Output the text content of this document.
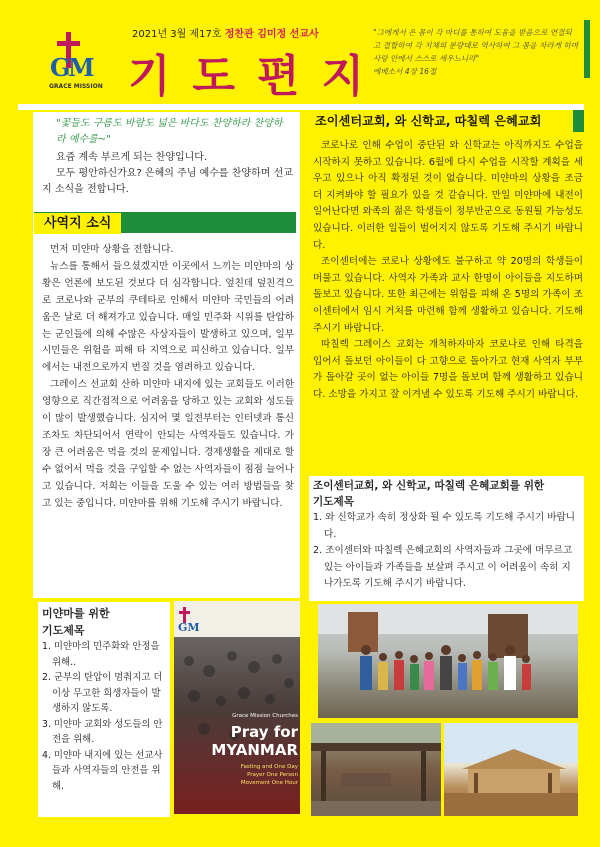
G
M
GRACE MISSION
2021년 3월 제17호 정찬관 김미정 선교사
기도편지
"그에게서 온 몸이 각 마디를 통하여 도움을 받음으로 연결되고 결합하여 각 지체의 분량대로 역사하여 그 몸을 자라게 하며 사랑 안에서 스스로 세우느니라"
에베소서 4장 16절
"꽃들도 구름도 바람도 넓은 바다도 찬양하라 찬양하라 예수를~"

요즘 계속 부르게 되는 찬양입니다.

모두 평안하신가요? 은혜의 주님 예수를 찬양하며 선교지 소식을 전합니다.

사역지 소식

먼저 미얀마 상황을 전합니다.

뉴스를 통해서 들으셨겠지만 이곳에서 느끼는 미얀마의 상황은 언론에 보도된 것보다 더 심각합니다. 엎친데 덮친격으로 코로나와 군부의 쿠테타로 인해서 미얀마 국민들의 어려움은 날로 더 해져가고 있습니다. 매일 민주화 시위를 탄압하는 군인들에 의해 수많은 사상자들이 발생하고 있으며, 일부 시민들은 위험을 피해 타 지역으로 피신하고 있습니다. 일부에서는 내전으로까지 번질 것을 염려하고 있습니다.

그레이스 선교회 산하 미얀마 내지에 있는 교회들도 이러한 영향으로 직간접적으로 어려움을 당하고 있는 교회와 성도들이 많이 발생했습니다. 심지어 몇 일전부터는 인터넷과 통신조차도 차단되어서 연락이 안되는 사역자들도 있습니다. 가장 큰 어려움은 먹을 것의 문제입니다. 경제생활을 제대로 할 수 없어서 먹을 것을 구입할 수 없는 사역자들이 점점 늘어나고 있습니다. 저희는 이들을 도울 수 있는 여러 방법들을 찾고 있는 중입니다. 미얀마를 위해 기도해 주시기 바랍니다.

미얀마를 위한
기도제목
1. 미얀마의 민주화와 안정을 위해..
2. 군부의 탄압이 멈춰지고 더 이상 무고한 희생자들이 발생하지 않도록.
3. 미얀마 교회와 성도들의 안전을 위해.
4. 미얀마 내지에 있는 선교사들과 사역자들의 안전을 위해.
GM
Grace Mission Churches
Pray for
MYANMAR
Fasting and One Day
Prayer One Person
Movement One Hour
조이센터교회, 와 신학교, 따칠렉 은혜교회

코로나로 인해 수업이 중단된 와 신학교는 아직까지도 수업을 시작하지 못하고 있습니다. 6월에 다시 수업을 시작할 계획을 세우고 있으나 아직 확정된 것이 없습니다. 미얀마의 상황을 조금 더 지켜봐야 할 필요가 있을 것 같습니다. 만일 미얀마에 내전이 일어난다면 와족의 젊은 학생들이 정부반군으로 동원될 가능성도 있습니다. 이러한 일들이 벌어지지 않도록 기도해 주시기 바랍니다.

조이센터에는 코로나 상황에도 불구하고 약 20명의 학생들이 머물고 있습니다. 사역자 가족과 교사 한명이 아이들을 지도하며 돌보고 있습니다. 또한 최근에는 위험을 피해 온 5명의 가족이 조이센터에서 임시 거처를 마련해 함께 생활하고 있습니다. 기도해 주시기 바랍니다.

따칠렉 그레이스 교회는 개척하자마자 코로나로 인해 타격을 입어서 돌보던 아이들이 다 고향으로 돌아가고 현재 사역자 부부가 돌아갈 곳이 없는 아이들 7명을 돌보며 함께 생활하고 있습니다. 소망을 가지고 잘 이겨낼 수 있도록 기도해 주시기 바랍니다.

조이센터교회, 와 신학교, 따칠렉 은혜교회를 위한
기도제목
1. 와 신학교가 속히 정상화 될 수 있도록 기도해 주시기 바랍니다.
2. 조이센터와 따칠렉 은혜교회의 사역자들과 그곳에 머무르고 있는 아이들과 가족들을 보살펴 주시고 이 어려움이 속히 지나가도록 기도해 주시기 바랍니다.
